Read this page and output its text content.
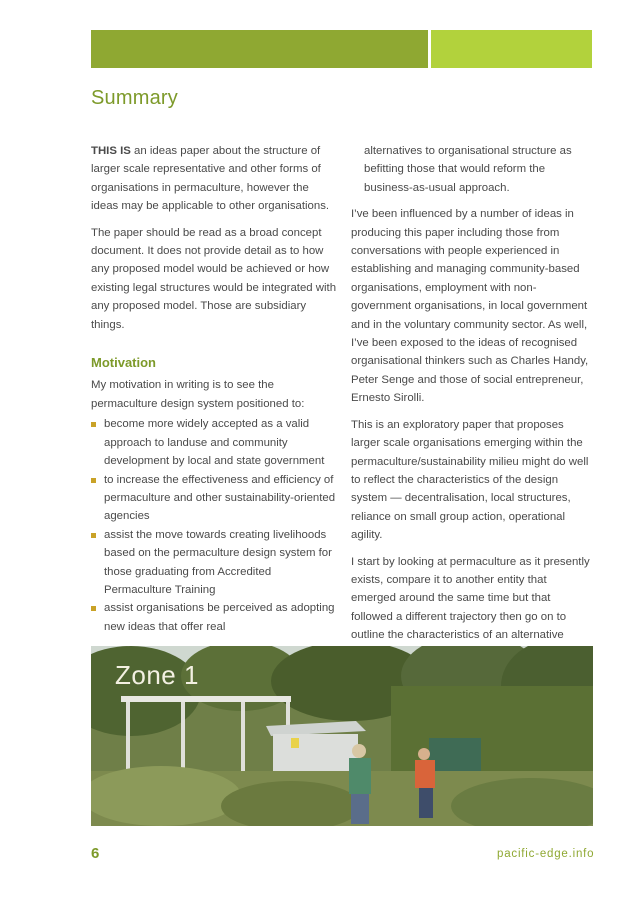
Summary

THIS IS an ideas paper about the structure of larger scale representative and other forms of organisations in permaculture, however the ideas may be applicable to other organisations.

The paper should be read as a broad concept document. It does not provide detail as to how any proposed model would be achieved or how existing legal structures would be integrated with any proposed model. Those are subsidiary things.

Motivation

My motivation in writing is to see the permaculture design system positioned to:

become more widely accepted as a valid approach to landuse and community development by local and state government
to increase the effectiveness and efficiency of permaculture and other sustainability-oriented agencies
assist the move towards creating livelihoods based on the permaculture design system for those graduating from Accredited Permaculture Training
assist organisations be perceived as adopting new ideas that offer real

alternatives to organisational structure as befitting those that would reform the business-as-usual approach.

I’ve been influenced by a number of ideas in producing this paper including those from conversations with people experienced in establishing and managing community-based organisations, employment with non-government organisations, in local government and in the voluntary community sector. As well, I’ve been exposed to the ideas of recognised organisational thinkers such as Charles Handy, Peter Senge and those of social entrepreneur, Ernesto Sirolli.

This is an exploratory paper that proposes larger scale organisations emerging within the permaculture/sustainability milieu might do well to reflect the characteristics of the design system — decentralisation, local structures, reliance on small group action, operational agility.

I start by looking at permaculture as it presently exists, compare it to another entity that emerged around the same time but that followed a different trajectory then go on to outline the characteristics of an alternative

Zone 1
6	pacific-edge.info
